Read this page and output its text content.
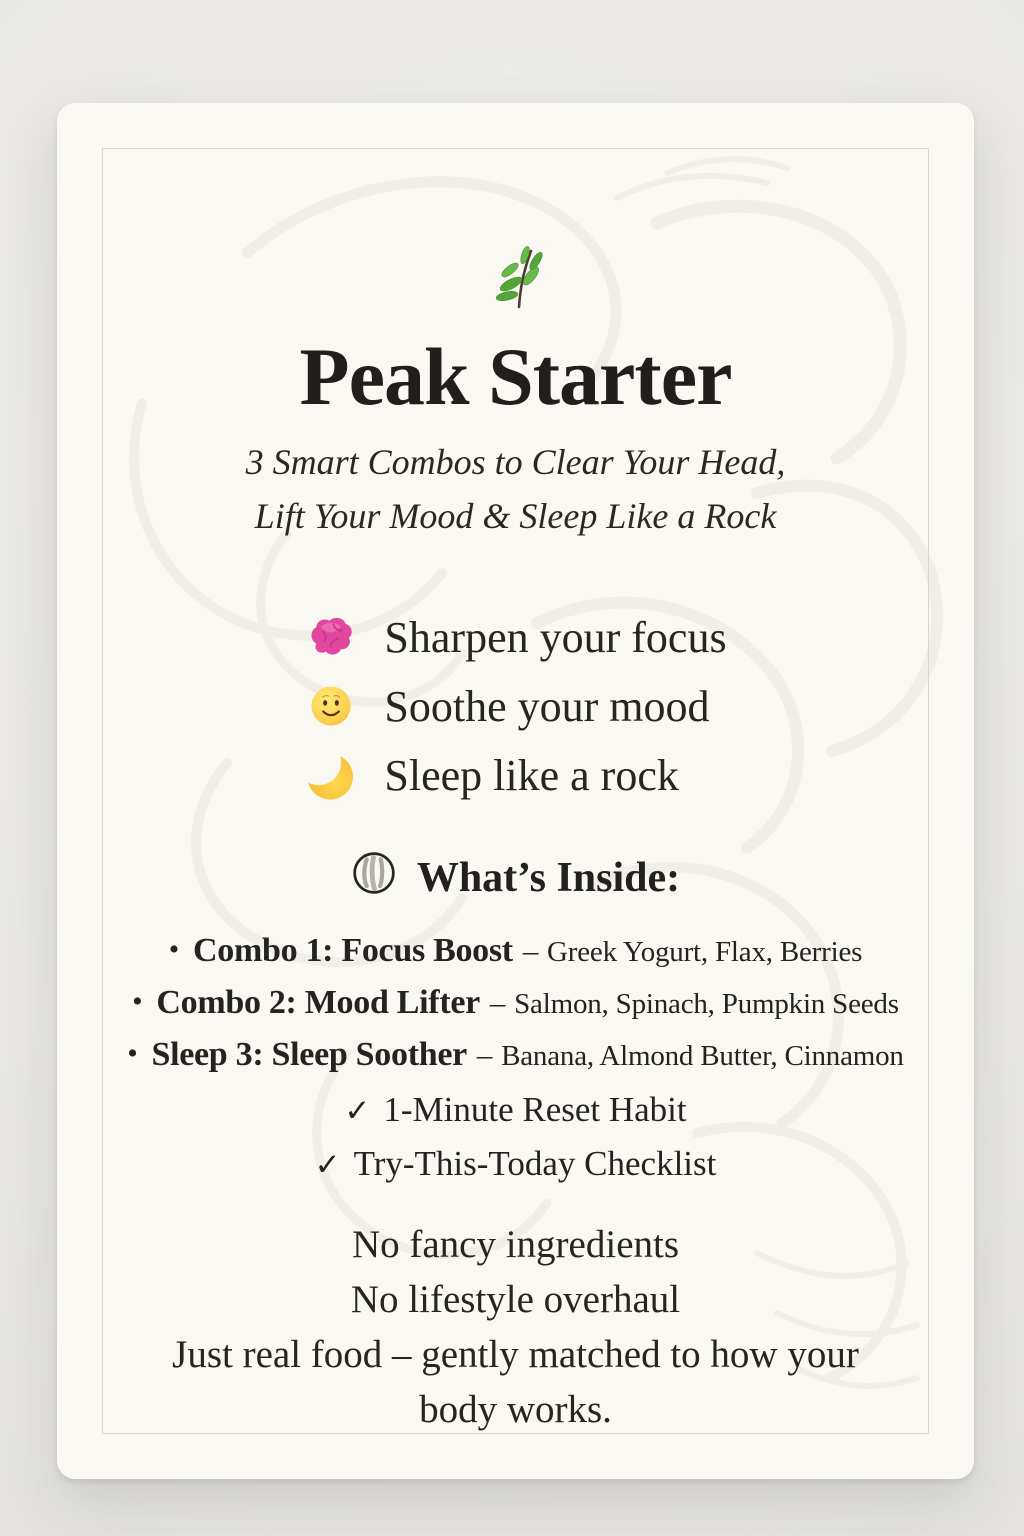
Peak Starter
3 Smart Combos to Clear Your Head,
Lift Your Mood & Sleep Like a Rock

Sharpen your focus
Soothe your mood
Sleep like a rock
What’s Inside:
• Combo 1: Focus Boost – Greek Yogurt, Flax, Berries
• Combo 2: Mood Lifter – Salmon, Spinach, Pumpkin Seeds
• Sleep 3: Sleep Soother – Banana, Almond Butter, Cinnamon
✓ 1-Minute Reset Habit
✓ Try-This-Today Checklist
No fancy ingredients
No lifestyle overhaul
Just real food – gently matched to how your body works.
